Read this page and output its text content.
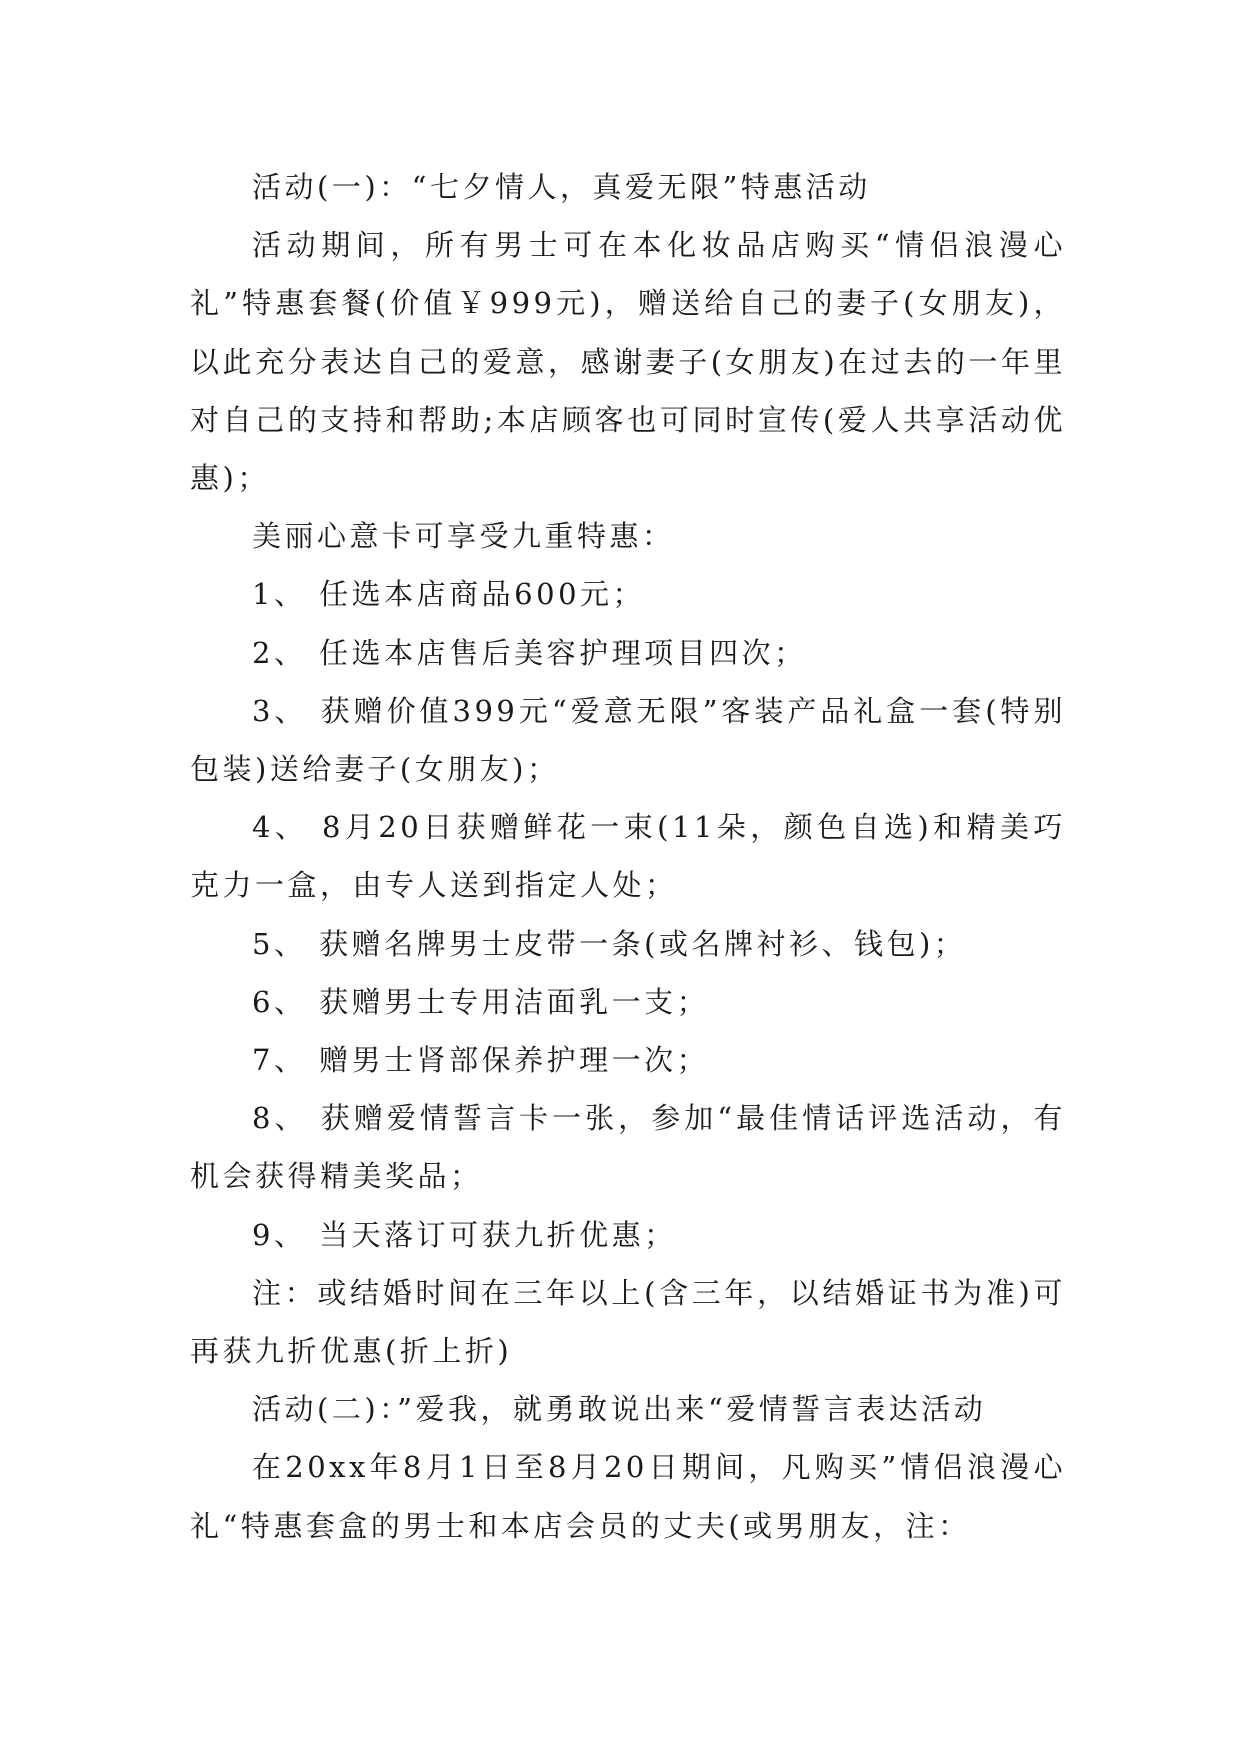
活动(一)：“七夕情人，真爱无限”特惠活动

活动期间，所有男士可在本化妆品店购买“情侣浪漫心礼”特惠套餐(价值￥999元)，赠送给自己的妻子(女朋友)，以此充分表达自己的爱意，感谢妻子(女朋友)在过去的一年里对自己的支持和帮助;本店顾客也可同时宣传(爱人共享活动优惠)；

美丽心意卡可享受九重特惠：

1、 任选本店商品600元；

2、 任选本店售后美容护理项目四次；

3、 获赠价值399元“爱意无限”客装产品礼盒一套(特别包装)送给妻子(女朋友)；

4、 8月20日获赠鲜花一束(11朵，颜色自选)和精美巧克力一盒，由专人送到指定人处；

5、 获赠名牌男士皮带一条(或名牌衬衫、钱包)；

6、 获赠男士专用洁面乳一支；

7、 赠男士肾部保养护理一次；

8、 获赠爱情誓言卡一张，参加“最佳情话评选活动，有机会获得精美奖品；

9、 当天落订可获九折优惠；

注：或结婚时间在三年以上(含三年，以结婚证书为准)可再获九折优惠(折上折)

活动(二)：”爱我，就勇敢说出来“爱情誓言表达活动

在20xx年8月1日至8月20日期间，凡购买”情侣浪漫心礼“特惠套盒的男士和本店会员的丈夫(或男朋友，注：
